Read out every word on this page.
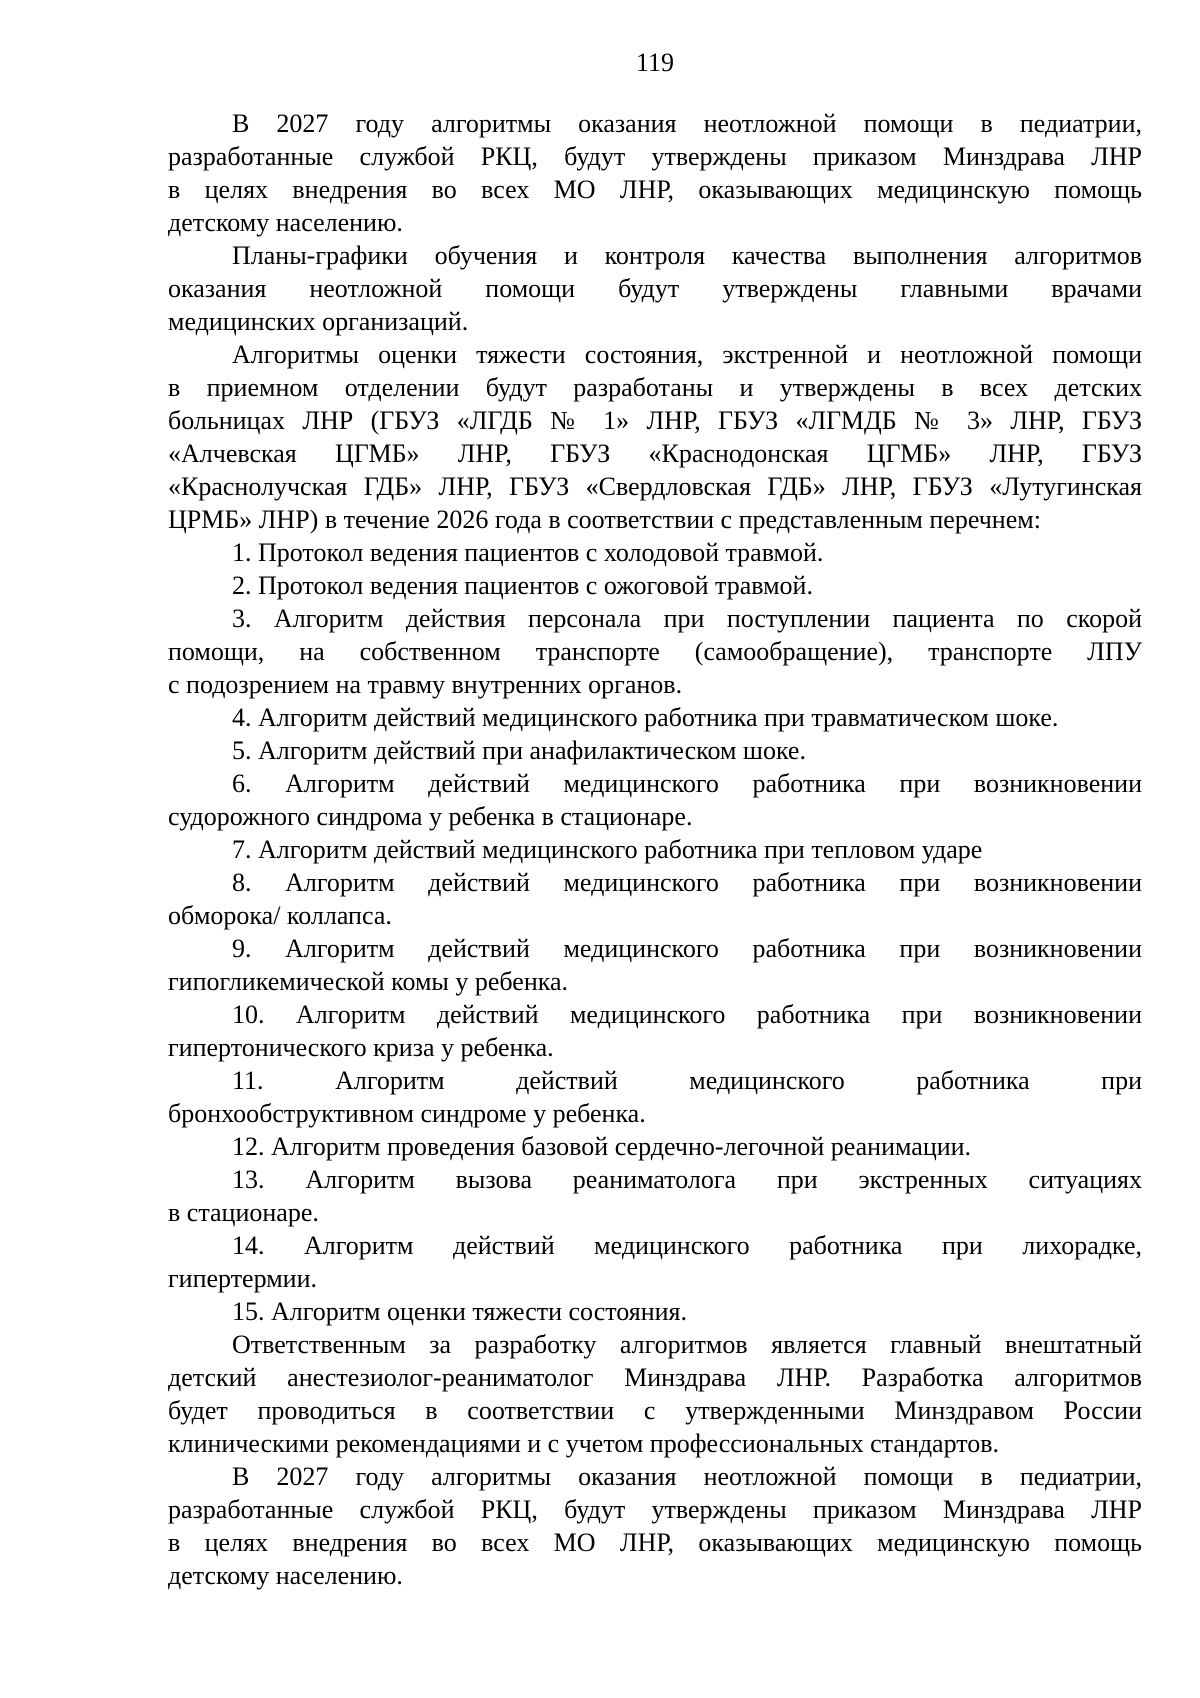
119
В 2027 году алгоритмы оказания неотложной помощи в педиатрии,
разработанные службой РКЦ, будут утверждены приказом Минздрава ЛНР
в целях внедрения во всех МО ЛНР, оказывающих медицинскую помощь
детскому населению.
Планы-графики обучения и контроля качества выполнения алгоритмов
оказания неотложной помощи будут утверждены главными врачами
медицинских организаций.
Алгоритмы оценки тяжести состояния, экстренной и неотложной помощи
в приемном отделении будут разработаны и утверждены в всех детских
больницах ЛНР (ГБУЗ «ЛГДБ № 1» ЛНР, ГБУЗ «ЛГМДБ № 3» ЛНР, ГБУЗ
«Алчевская ЦГМБ» ЛНР, ГБУЗ «Краснодонская ЦГМБ» ЛНР, ГБУЗ
«Краснолучская ГДБ» ЛНР, ГБУЗ «Свердловская ГДБ» ЛНР, ГБУЗ «Лутугинская
ЦРМБ» ЛНР) в течение 2026 года в соответствии с представленным перечнем:
1. Протокол ведения пациентов с холодовой травмой.
2. Протокол ведения пациентов с ожоговой травмой.
3. Алгоритм действия персонала при поступлении пациента по скорой
помощи, на собственном транспорте (самообращение), транспорте ЛПУ
с подозрением на травму внутренних органов.
4. Алгоритм действий медицинского работника при травматическом шоке.
5. Алгоритм действий при анафилактическом шоке.
6. Алгоритм действий медицинского работника при возникновении
судорожного синдрома у ребенка в стационаре.
7. Алгоритм действий медицинского работника при тепловом ударе
8. Алгоритм действий медицинского работника при возникновении
обморока/ коллапса.
9. Алгоритм действий медицинского работника при возникновении
гипогликемической комы у ребенка.
10. Алгоритм действий медицинского работника при возникновении
гипертонического криза у ребенка.
11. Алгоритм действий медицинского работника при
бронхообструктивном синдроме у ребенка.
12. Алгоритм проведения базовой сердечно-легочной реанимации.
13. Алгоритм вызова реаниматолога при экстренных ситуациях
в стационаре.
14. Алгоритм действий медицинского работника при лихорадке,
гипертермии.
15. Алгоритм оценки тяжести состояния.
Ответственным за разработку алгоритмов является главный внештатный
детский анестезиолог-реаниматолог Минздрава ЛНР. Разработка алгоритмов
будет проводиться в соответствии с утвержденными Минздравом России
клиническими рекомендациями и с учетом профессиональных стандартов.
В 2027 году алгоритмы оказания неотложной помощи в педиатрии,
разработанные службой РКЦ, будут утверждены приказом Минздрава ЛНР
в целях внедрения во всех МО ЛНР, оказывающих медицинскую помощь
детскому населению.
